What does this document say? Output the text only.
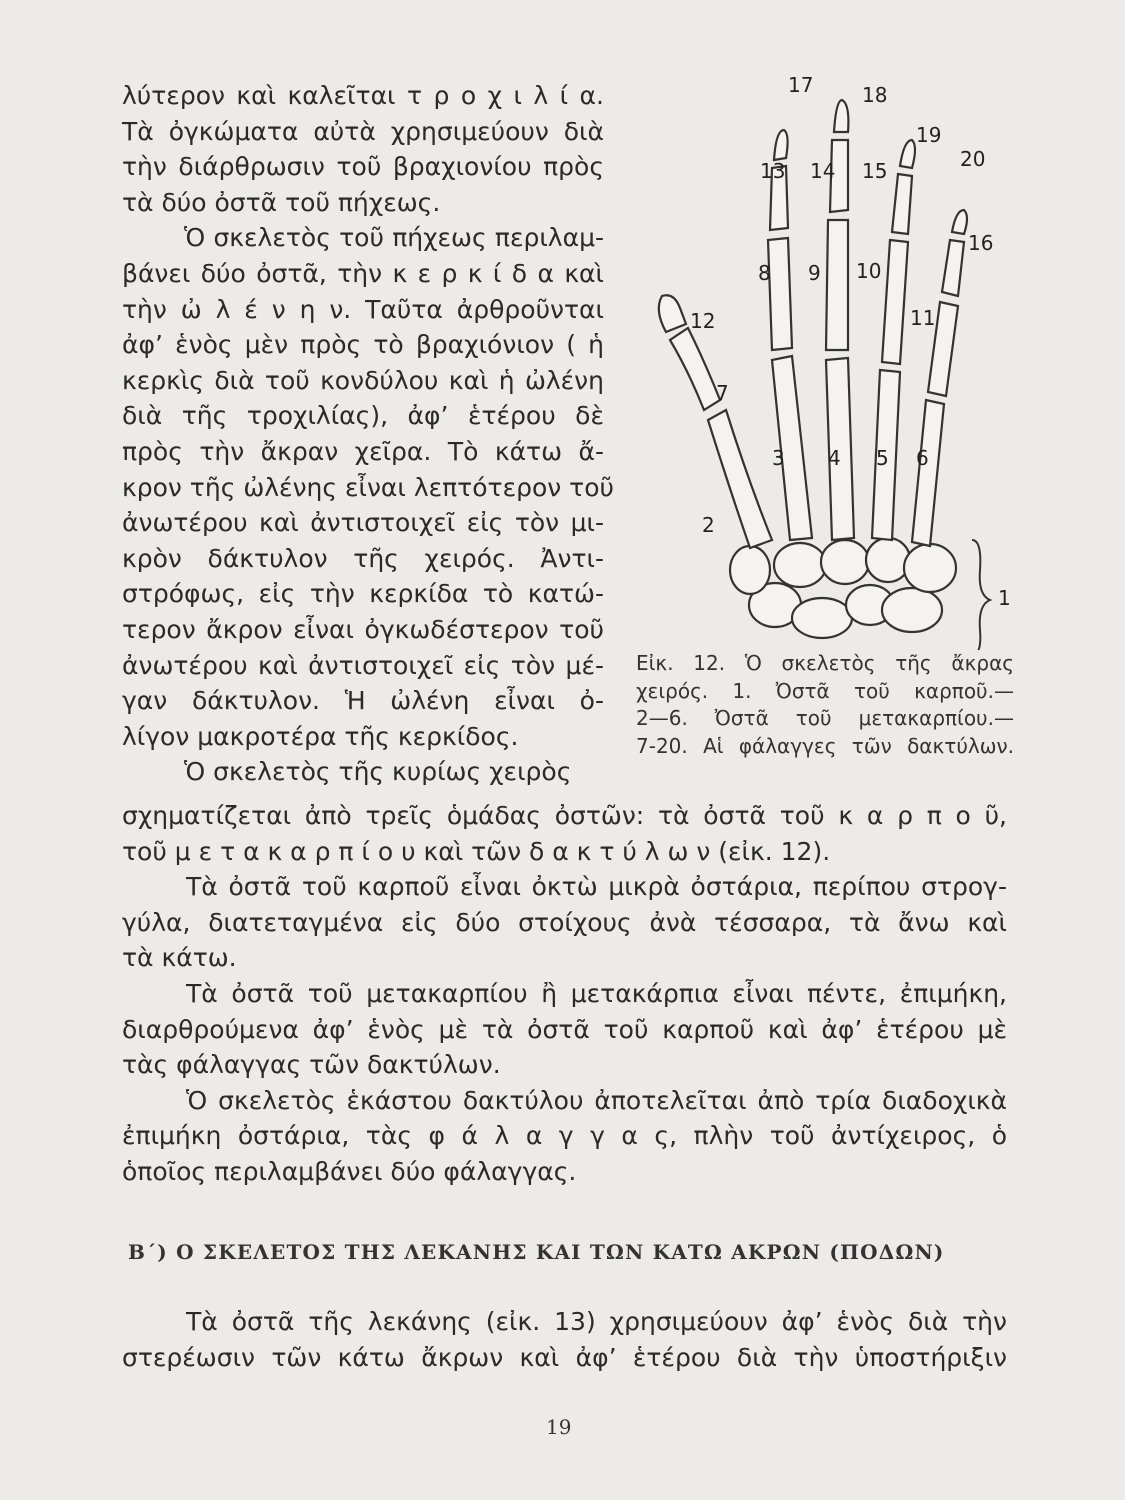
λύτερον καὶ καλεῖται τ ρ ο χ ι λ ί α.
Τὰ ὀγκώματα αὐτὰ χρησιμεύουν διὰ
τὴν διάρθρωσιν τοῦ βραχιονίου πρὸς
τὰ δύο ὀστᾶ τοῦ πήχεως.
Ὁ σκελετὸς τοῦ πήχεως περιλαμ-
βάνει δύο ὀστᾶ, τὴν κ ε ρ κ ί δ α καὶ
τὴν ὠ λ έ ν η ν. Ταῦτα ἀρθροῦνται
ἀφ’ ἑνὸς μὲν πρὸς τὸ βραχιόνιον ( ἡ
κερκὶς διὰ τοῦ κονδύλου καὶ ἡ ὠλένη
διὰ τῆς τροχιλίας), ἀφ’ ἑτέρου δὲ
πρὸς τὴν ἄκραν χεῖρα. Τὸ κάτω ἄ-
κρον τῆς ὠλένης εἶναι λεπτότερον τοῦ
ἀνωτέρου καὶ ἀντιστοιχεῖ εἰς τὸν μι-
κρὸν δάκτυλον τῆς χειρός. Ἀντι-
στρόφως, εἰς τὴν κερκίδα τὸ κατώ-
τερον ἄκρον εἶναι ὀγκωδέστερον τοῦ
ἀνωτέρου καὶ ἀντιστοιχεῖ εἰς τὸν μέ-
γαν δάκτυλον. Ἡ ὠλένη εἶναι ὀ-
λίγον μακροτέρα τῆς κερκίδος.
Ὁ σκελετὸς τῆς κυρίως χειρὸς
1
2
3 4 5 6
7
8 9 10
11
12
13 14 15
16
17 18
19
20
Εἰκ. 12. Ὁ σκελετὸς τῆς ἄκρας
χειρός. 1. Ὀστᾶ τοῦ καρποῦ.—
2—6. Ὀστᾶ τοῦ μετακαρπίου.—
7-20. Αἱ φάλαγγες τῶν δακτύλων.
σχηματίζεται ἀπὸ τρεῖς ὁμάδας ὀστῶν: τὰ ὀστᾶ τοῦ κ α ρ π ο ῦ,
τοῦ μ ε τ α κ α ρ π ί ο υ καὶ τῶν δ α κ τ ύ λ ω ν (εἰκ. 12).
Τὰ ὀστᾶ τοῦ καρποῦ εἶναι ὀκτὼ μικρὰ ὀστάρια, περίπου στρογ-
γύλα, διατεταγμένα εἰς δύο στοίχους ἀνὰ τέσσαρα, τὰ ἄνω καὶ
τὰ κάτω.
Τὰ ὀστᾶ τοῦ μετακαρπίου ἢ μετακάρπια εἶναι πέντε, ἐπιμήκη,
διαρθρούμενα ἀφ’ ἑνὸς μὲ τὰ ὀστᾶ τοῦ καρποῦ καὶ ἀφ’ ἑτέρου μὲ
τὰς φάλαγγας τῶν δακτύλων.
Ὁ σκελετὸς ἑκάστου δακτύλου ἀποτελεῖται ἀπὸ τρία διαδοχικὰ
ἐπιμήκη ὀστάρια, τὰς φ ά λ α γ γ α ς, πλὴν τοῦ ἀντίχειρος, ὁ
ὁποῖος περιλαμβάνει δύο φάλαγγας.
Β΄) Ο ΣΚΕΛΕΤΟΣ ΤΗΣ ΛΕΚΑΝΗΣ ΚΑΙ ΤΩΝ ΚΑΤΩ ΑΚΡΩΝ (ΠΟΔΩΝ)
Τὰ ὀστᾶ τῆς λεκάνης (εἰκ. 13) χρησιμεύουν ἀφ’ ἑνὸς διὰ τὴν
στερέωσιν τῶν κάτω ἄκρων καὶ ἀφ’ ἑτέρου διὰ τὴν ὑποστήριξιν
19
